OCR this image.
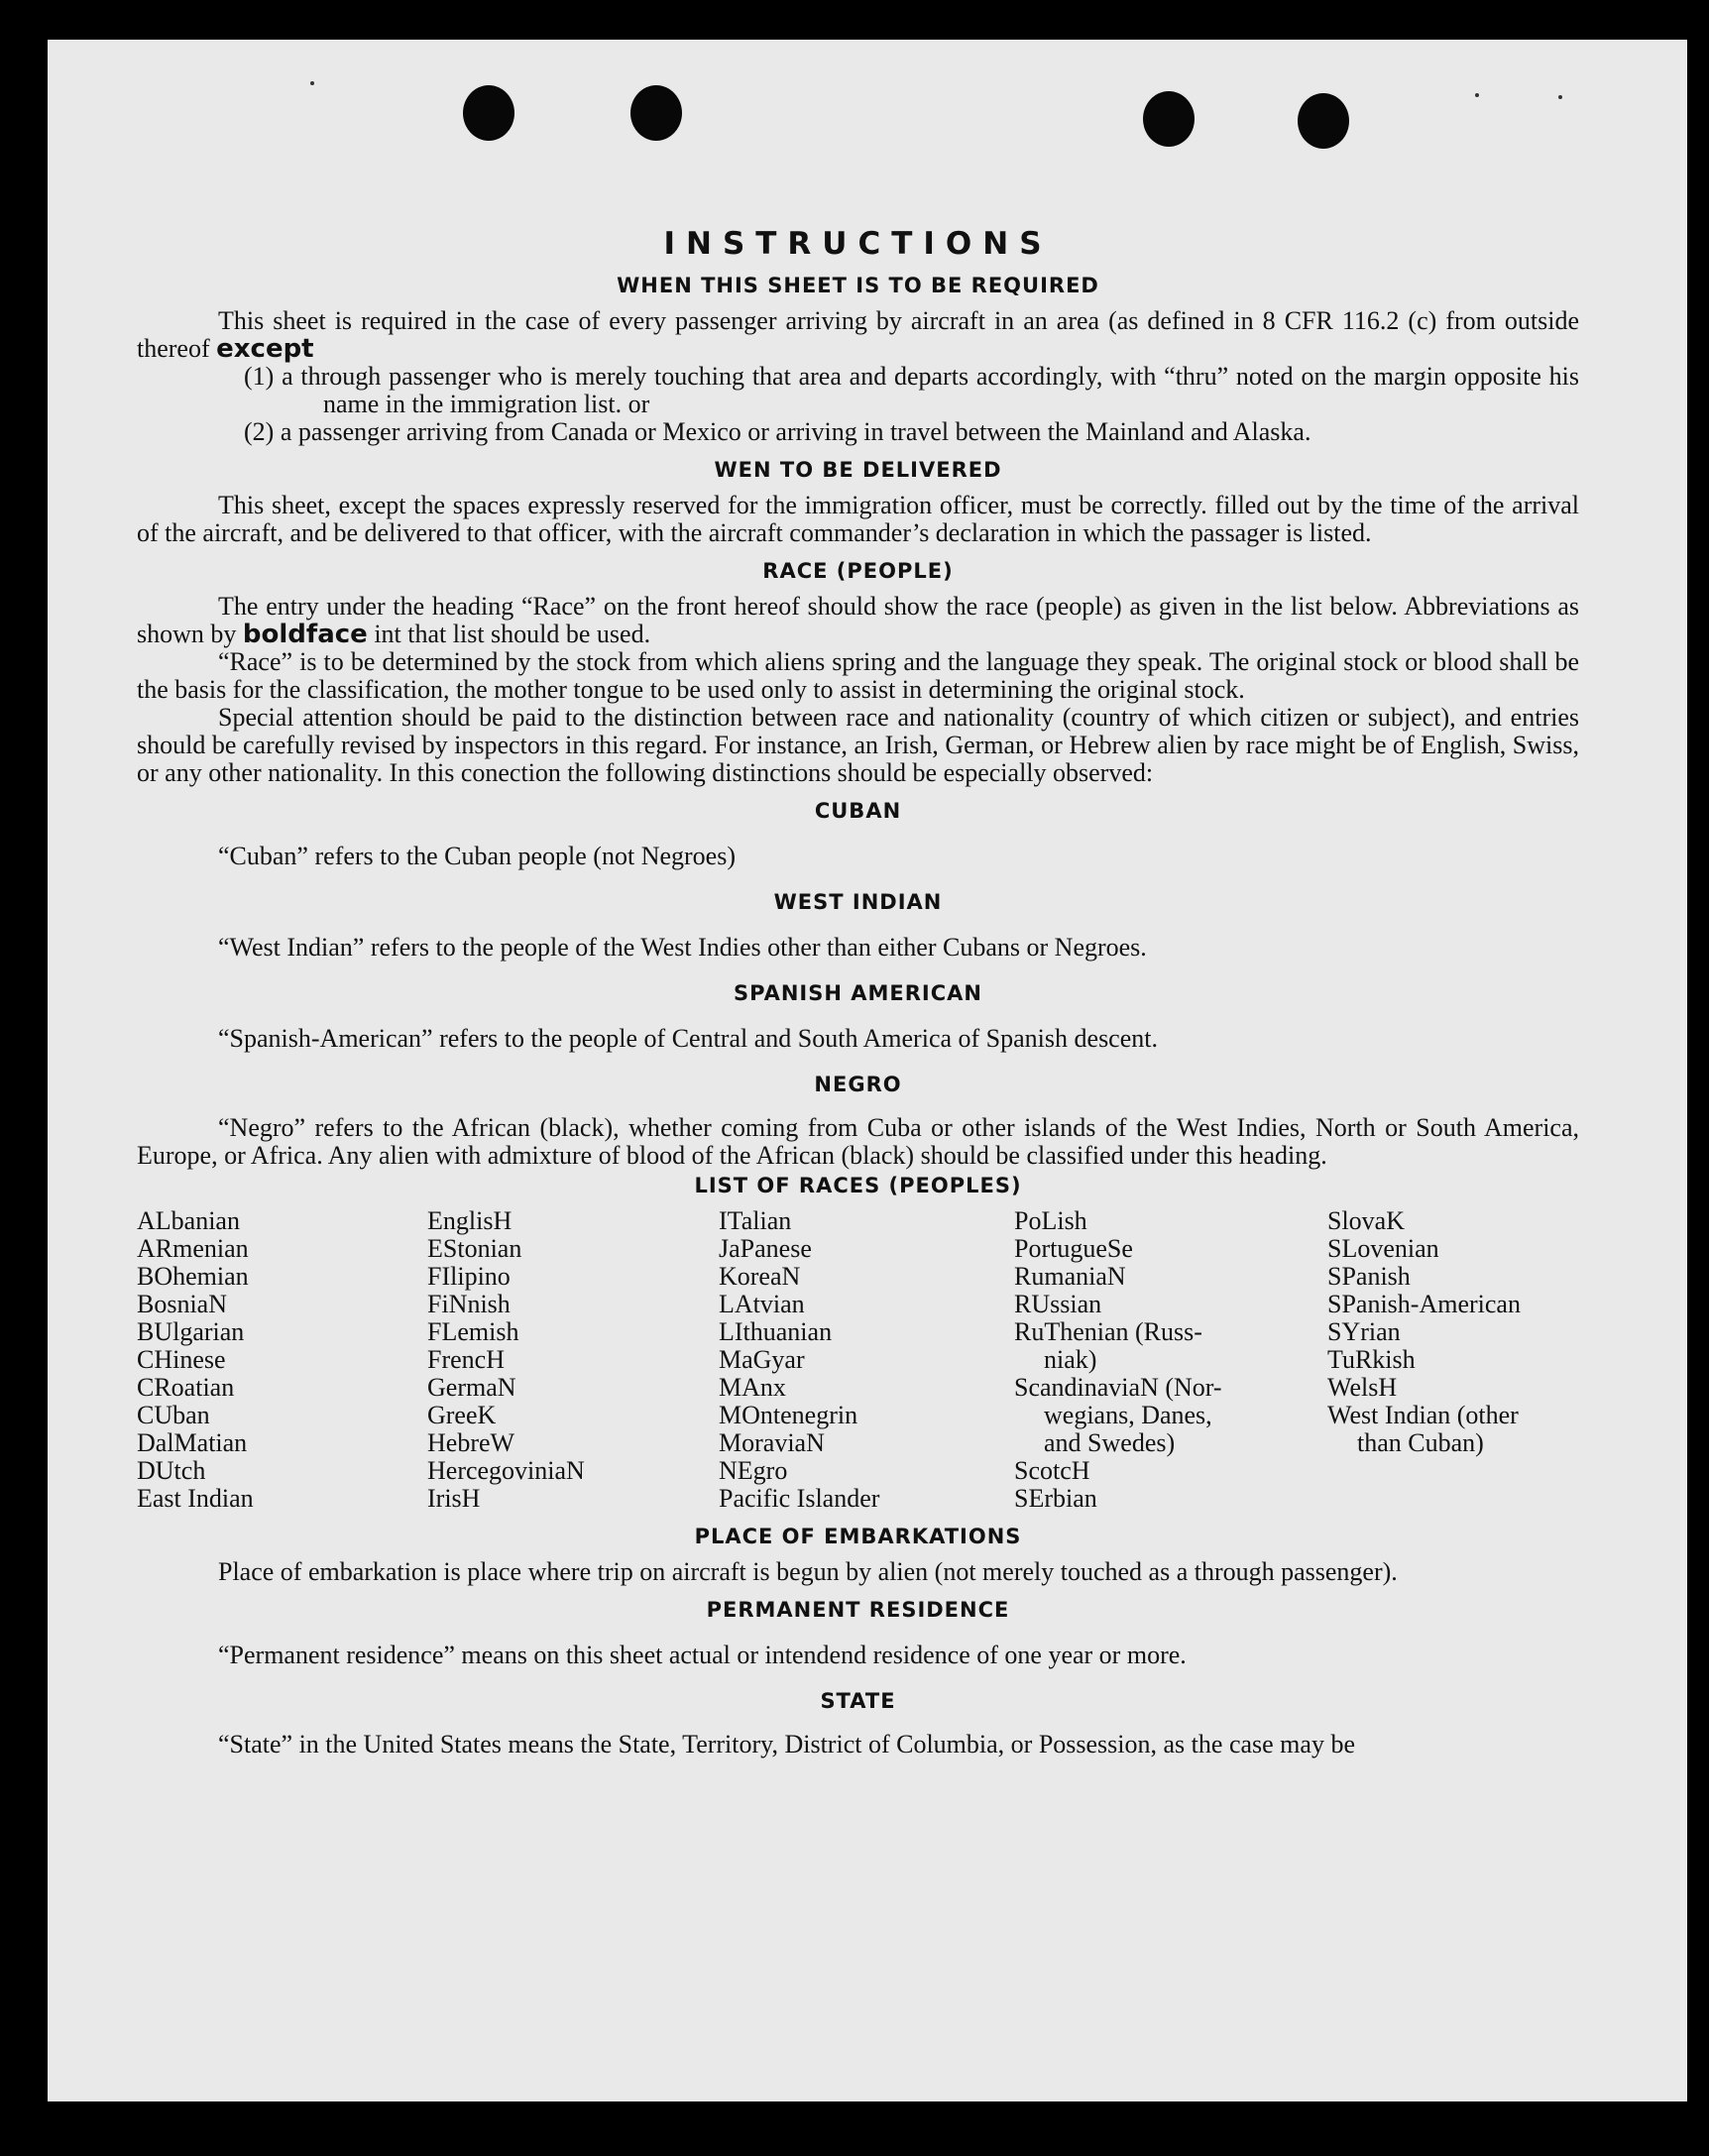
INSTRUCTIONS
WHEN THIS SHEET IS TO BE REQUIRED

This sheet is required in the case of every passenger arriving by aircraft in an area (as defined in 8 CFR 116.2 (c) from outside thereof except

(1) a through passenger who is merely touching that area and departs accordingly, with “thru” noted on the margin opposite his name in the immigration list. or

(2) a passenger arriving from Canada or Mexico or arriving in travel between the Mainland and Alaska.

WEN TO BE DELIVERED

This sheet, except the spaces expressly reserved for the immigration officer, must be correctly. filled out by the time of the arrival of the aircraft, and be delivered to that officer, with the aircraft commander’s declaration in which the passager is listed.

RACE (PEOPLE)

The entry under the heading “Race” on the front hereof should show the race (people) as given in the list below. Abbreviations as shown by boldface int that list should be used.

“Race” is to be determined by the stock from which aliens spring and the language they speak. The original stock or blood shall be the basis for the classification, the mother tongue to be used only to assist in determining the original stock.

Special attention should be paid to the distinction between race and nationality (country of which citizen or subject), and entries should be carefully revised by inspectors in this regard. For instance, an Irish, German, or Hebrew alien by race might be of English, Swiss, or any other nationality. In this conection the following distinctions should be especially observed:

CUBAN

“Cuban” refers to the Cuban people (not Negroes)

WEST INDIAN

“West Indian” refers to the people of the West Indies other than either Cubans or Negroes.

SPANISH AMERICAN

“Spanish-American” refers to the people of Central and South America of Spanish descent.

NEGRO

“Negro” refers to the African (black), whether coming from Cuba or other islands of the West Indies, North or South America, Europe, or Africa. Any alien with admixture of blood of the African (black) should be classified under this heading.

LIST OF RACES (PEOPLES)
ALbanian
ARmenian
BOhemian
BosniaN
BUlgarian
CHinese
CRoatian
CUban
DalMatian
DUtch
East Indian
EnglisH
EStonian
FIlipino
FiNnish
FLemish
FrencH
GermaN
GreeK
HebreW
HercegoviniaN
IrisH
ITalian
JaPanese
KoreaN
LAtvian
LIthuanian
MaGyar
MAnx
MOntenegrin
MoraviaN
NEgro
Pacific Islander
PoLish
PortugueSe
RumaniaN
RUssian
RuThenian (Russ-
niak)
ScandinaviaN (Nor-
wegians, Danes,
and Swedes)
ScotcH
SErbian
SlovaK
SLovenian
SPanish
SPanish-American
SYrian
TuRkish
WelsH
West Indian (other
than Cuban)
PLACE OF EMBARKATIONS

Place of embarkation is place where trip on aircraft is begun by alien (not merely touched as a through passenger).

PERMANENT RESIDENCE

“Permanent residence” means on this sheet actual or intendend residence of one year or more.

STATE

“State” in the United States means the State, Territory, District of Columbia, or Possession, as the case may be
